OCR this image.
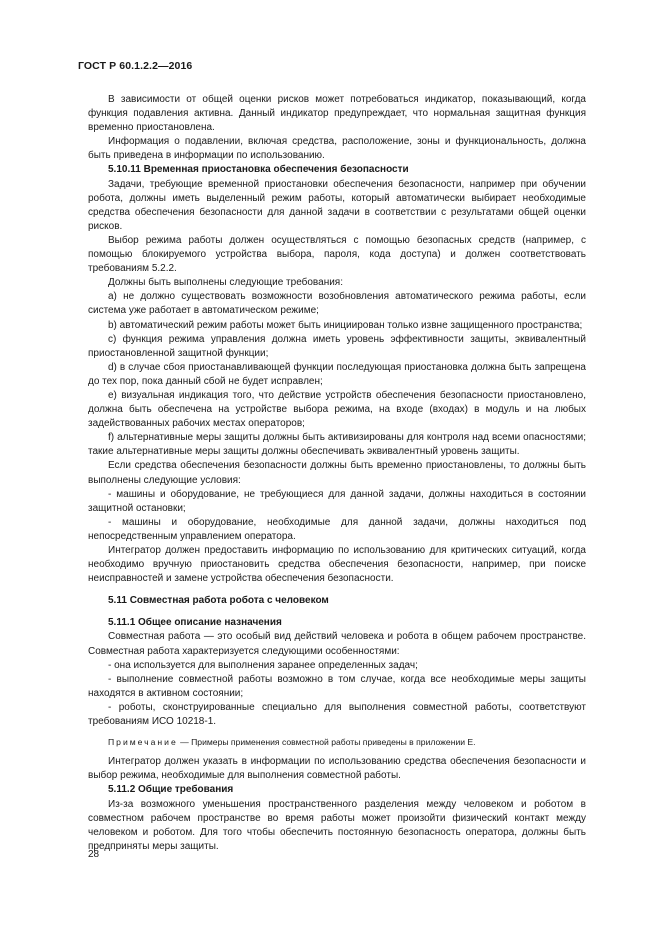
ГОСТ Р 60.1.2.2—2016

В зависимости от общей оценки рисков может потребоваться индикатор, показывающий, когда функция подавления активна. Данный индикатор предупреждает, что нормальная защитная функция временно приостановлена.

Информация о подавлении, включая средства, расположение, зоны и функциональность, должна быть приведена в информации по использованию.

5.10.11 Временная приостановка обеспечения безопасности

Задачи, требующие временной приостановки обеспечения безопасности, например при обучении робота, должны иметь выделенный режим работы, который автоматически выбирает необходимые средства обеспечения безопасности для данной задачи в соответствии с результатами общей оценки рисков.

Выбор режима работы должен осуществляться с помощью безопасных средств (например, с помощью блокируемого устройства выбора, пароля, кода доступа) и должен соответствовать требованиям 5.2.2.

Должны быть выполнены следующие требования:

a) не должно существовать возможности возобновления автоматического режима работы, если система уже работает в автоматическом режиме;

b) автоматический режим работы может быть инициирован только извне защищенного пространства;

c) функция режима управления должна иметь уровень эффективности защиты, эквивалентный приостановленной защитной функции;

d) в случае сбоя приостанавливающей функции последующая приостановка должна быть запрещена до тех пор, пока данный сбой не будет исправлен;

e) визуальная индикация того, что действие устройств обеспечения безопасности приостановлено, должна быть обеспечена на устройстве выбора режима, на входе (входах) в модуль и на любых задействованных рабочих местах операторов;

f) альтернативные меры защиты должны быть активизированы для контроля над всеми опасностями; такие альтернативные меры защиты должны обеспечивать эквивалентный уровень защиты.

Если средства обеспечения безопасности должны быть временно приостановлены, то должны быть выполнены следующие условия:

- машины и оборудование, не требующиеся для данной задачи, должны находиться в состоянии защитной остановки;

- машины и оборудование, необходимые для данной задачи, должны находиться под непосредственным управлением оператора.

Интегратор должен предоставить информацию по использованию для критических ситуаций, когда необходимо вручную приостановить средства обеспечения безопасности, например, при поиске неисправностей и замене устройства обеспечения безопасности.

5.11 Совместная работа робота с человеком

5.11.1 Общее описание назначения

Совместная работа — это особый вид действий человека и робота в общем рабочем пространстве. Совместная работа характеризуется следующими особенностями:

- она используется для выполнения заранее определенных задач;

- выполнение совместной работы возможно в том случае, когда все необходимые меры защиты находятся в активном состоянии;

- роботы, сконструированные специально для выполнения совместной работы, соответствуют требованиям ИСО 10218-1.

Примечание — Примеры применения совместной работы приведены в приложении Е.

Интегратор должен указать в информации по использованию средства обеспечения безопасности и выбор режима, необходимые для выполнения совместной работы.

5.11.2 Общие требования

Из-за возможного уменьшения пространственного разделения между человеком и роботом в совместном рабочем пространстве во время работы может произойти физический контакт между человеком и роботом. Для того чтобы обеспечить постоянную безопасность оператора, должны быть предприняты меры защиты.

28
